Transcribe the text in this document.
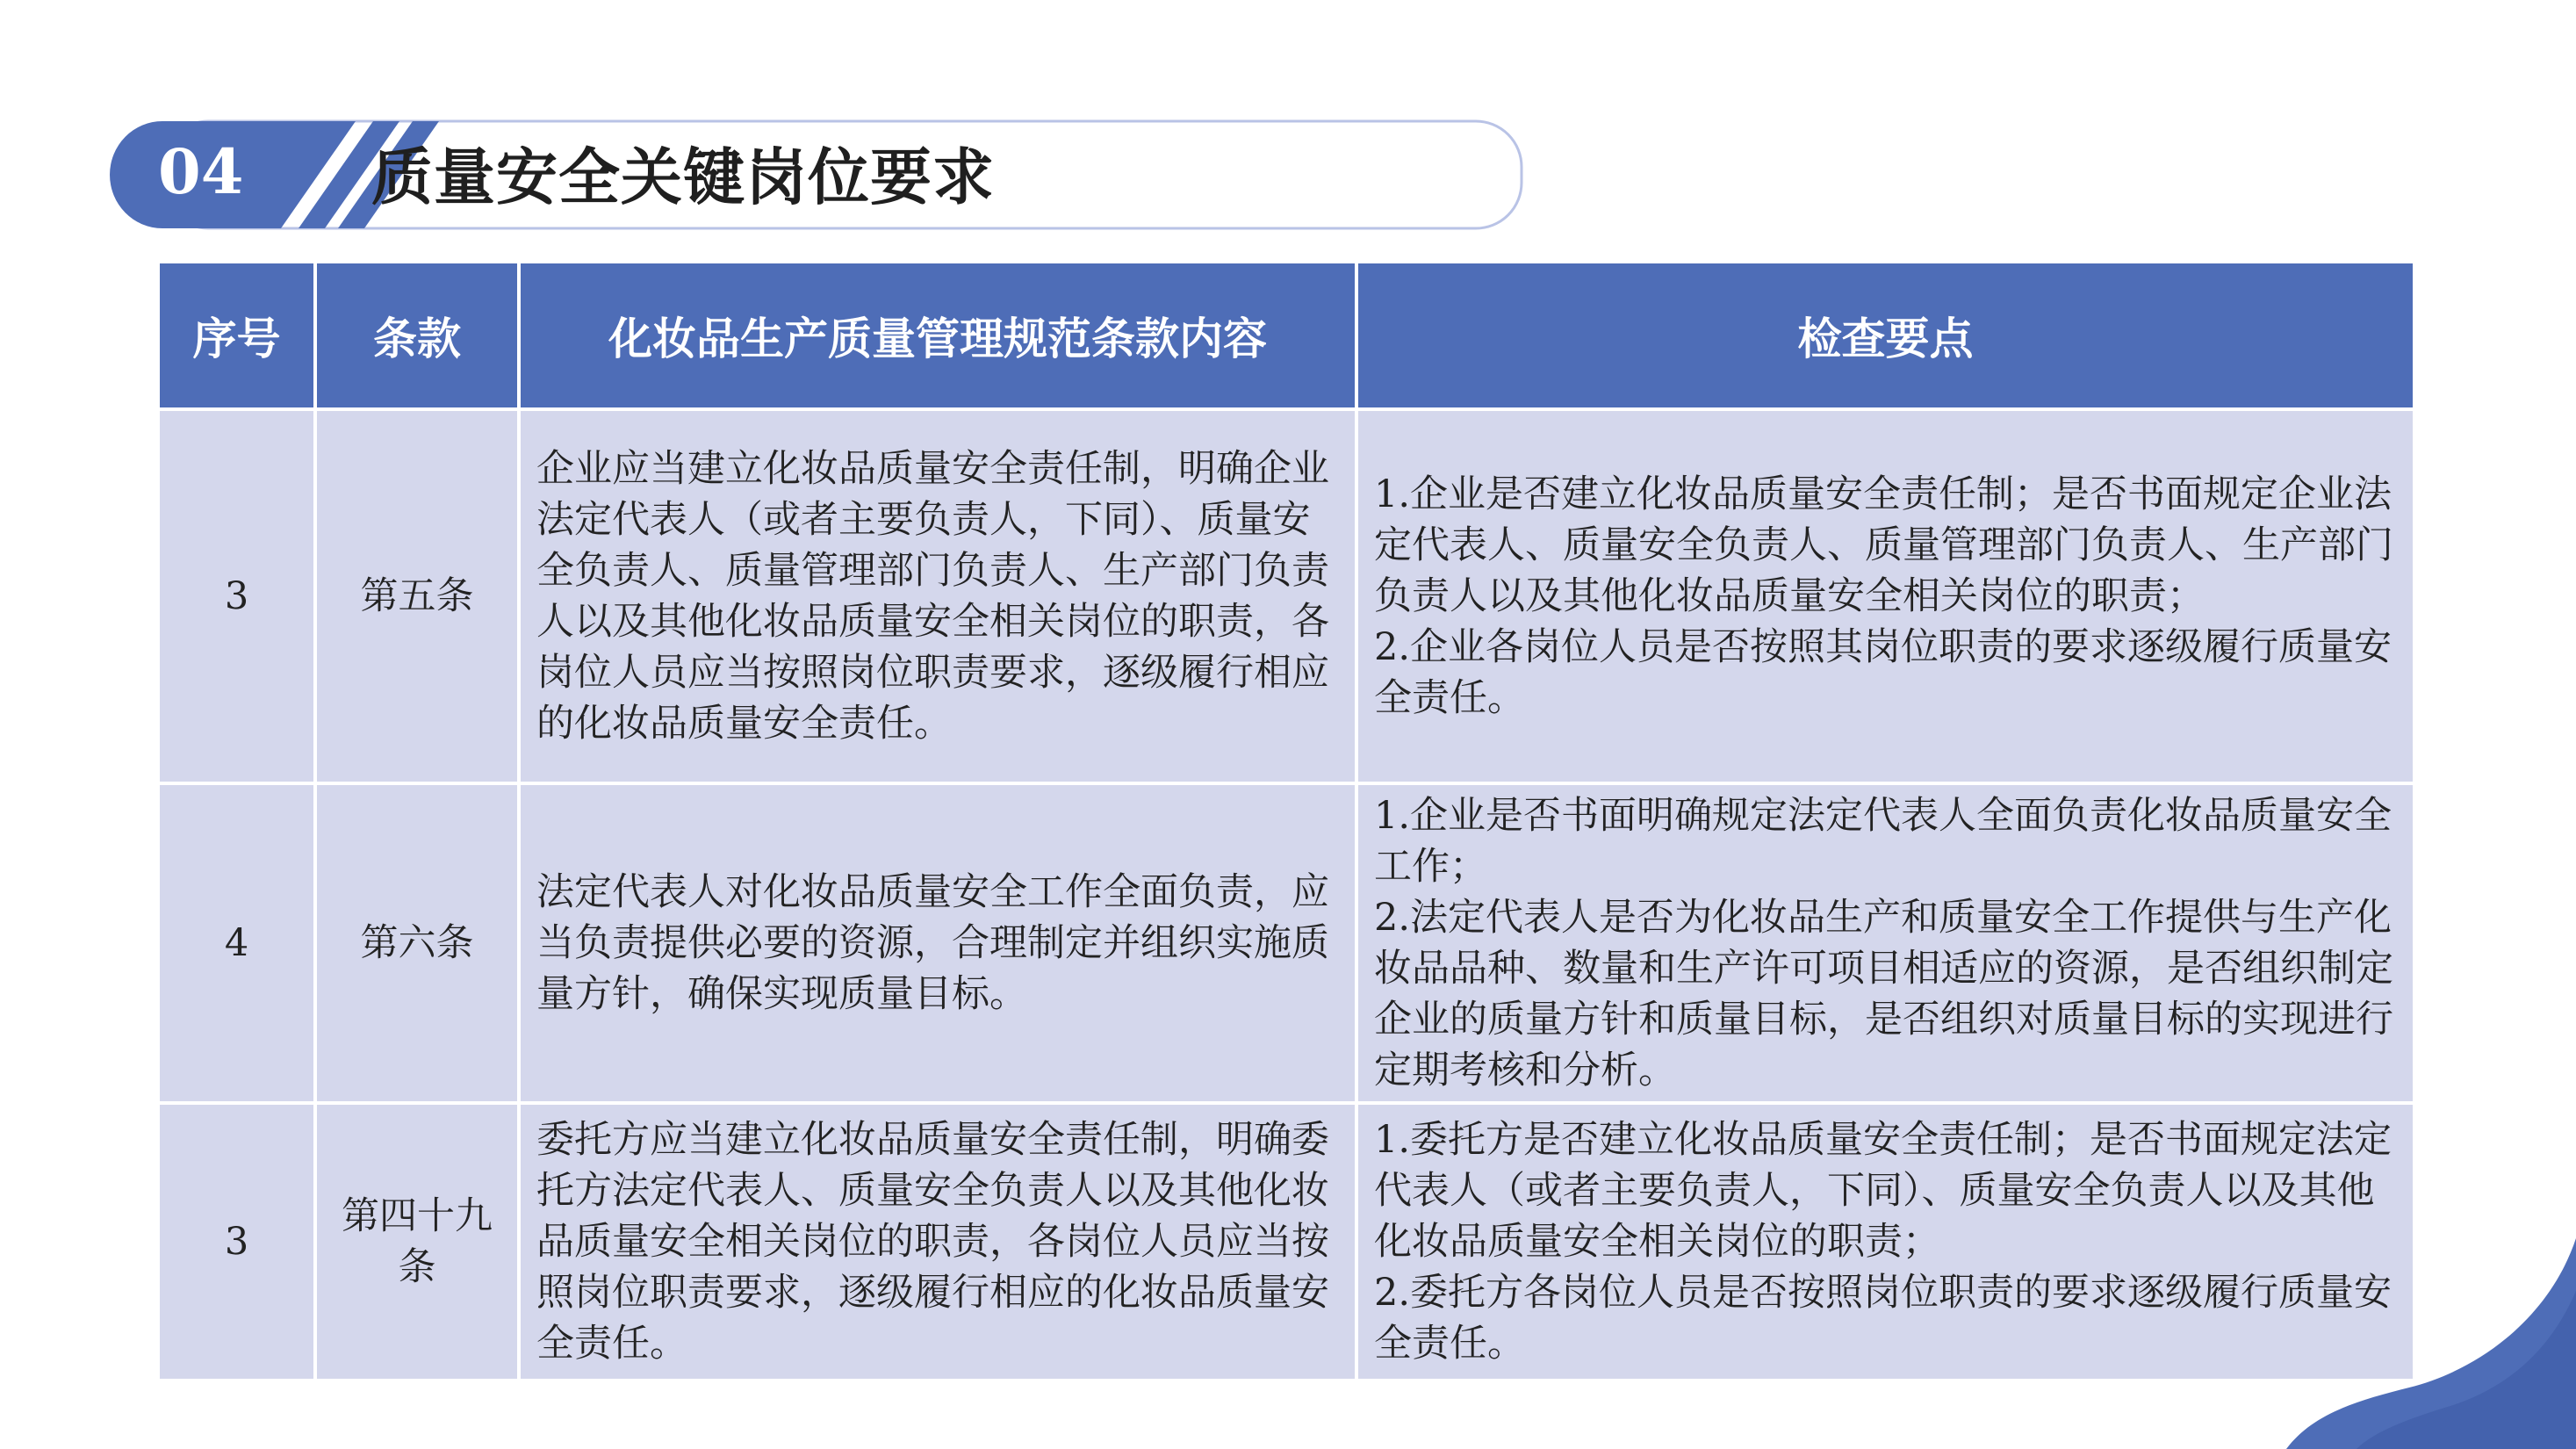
04	质量安全关键岗位要求
序号	条款	化妆品生产质量管理规范条款内容	检查要点
3	第五条	企业应当建立化妆品质量安全责任制，明确企业法定代表人（或者主要负责人，下同）、质量安全负责人、质量管理部门负责人、生产部门负责人以及其他化妆品质量安全相关岗位的职责，各岗位人员应当按照岗位职责要求，逐级履行相应的化妆品质量安全责任。	1.企业是否建立化妆品质量安全责任制；是否书面规定企业法定代表人、质量安全负责人、质量管理部门负责人、生产部门负责人以及其他化妆品质量安全相关岗位的职责；
2.企业各岗位人员是否按照其岗位职责的要求逐级履行质量安全责任。

4	第六条	法定代表人对化妆品质量安全工作全面负责，应当负责提供必要的资源，合理制定并组织实施质量方针，确保实现质量目标。	1.企业是否书面明确规定法定代表人全面负责化妆品质量安全工作；
2.法定代表人是否为化妆品生产和质量安全工作提供与生产化妆品品种、数量和生产许可项目相适应的资源，是否组织制定企业的质量方针和质量目标，是否组织对质量目标的实现进行定期考核和分析。

3	第四十九条	委托方应当建立化妆品质量安全责任制，明确委托方法定代表人、质量安全负责人以及其他化妆品质量安全相关岗位的职责，各岗位人员应当按照岗位职责要求，逐级履行相应的化妆品质量安全责任。	1.委托方是否建立化妆品质量安全责任制；是否书面规定法定代表人（或者主要负责人，下同）、质量安全负责人以及其他化妆品质量安全相关岗位的职责；
2.委托方各岗位人员是否按照岗位职责的要求逐级履行质量安全责任。
